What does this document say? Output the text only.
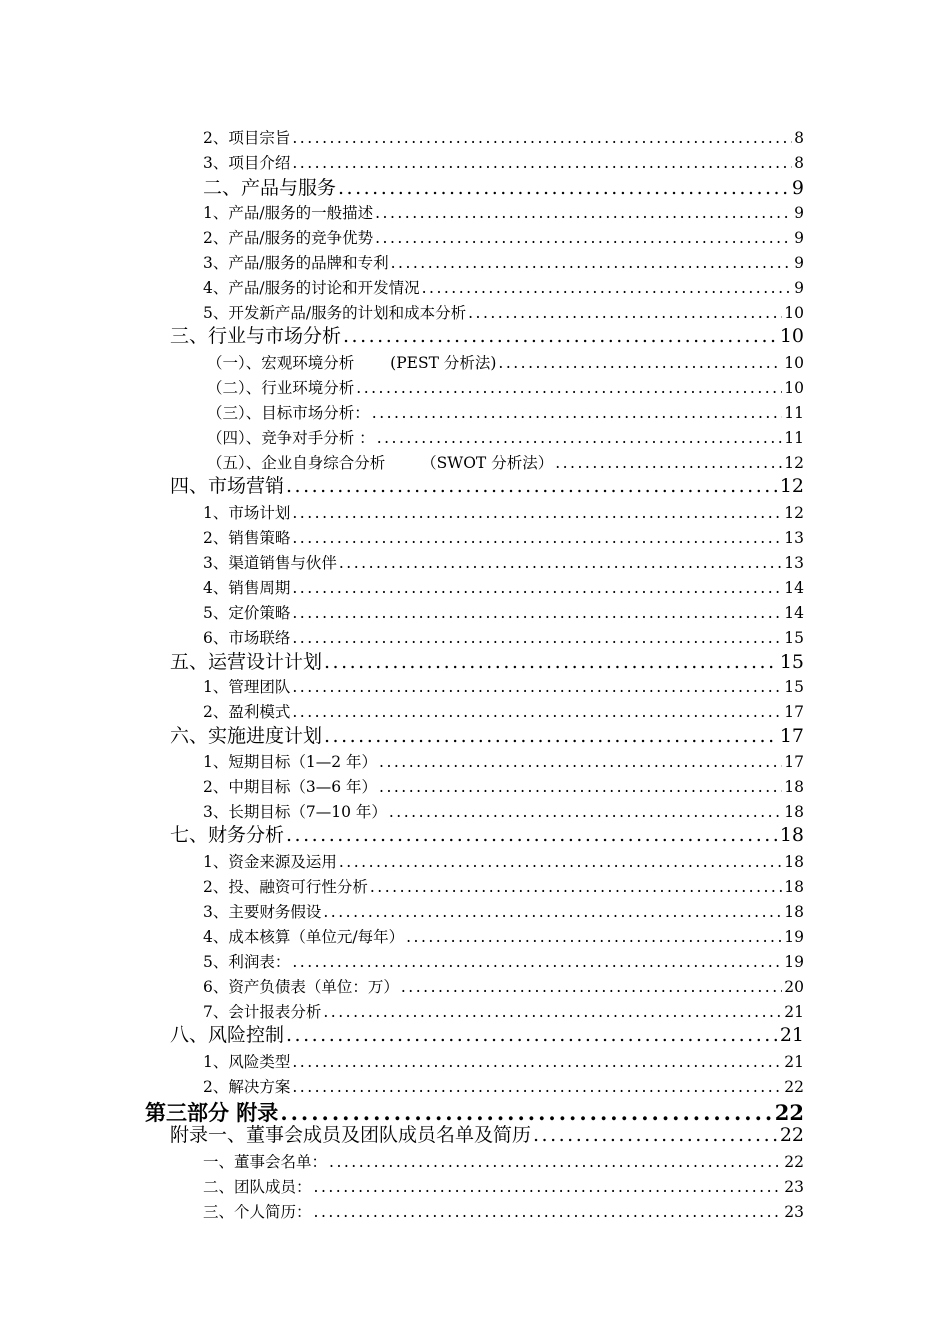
2、项目宗旨 .....	8
3、项目介绍 .....	8
二、产品与服务 .....	9
1、产品/服务的一般描述 .....	9
2、产品/服务的竞争优势 .....	9
3、产品/服务的品牌和专利 .....	9
4、产品/服务的讨论和开发情况 .....	9
5、开发新产品/服务的计划和成本分析 .....	10
三、行业与市场分析 .....	10
（一）、宏观环境分析　　 (PEST 分析法) .....	10
（二）、行业环境分析 .....	10
（三）、目标市场分析： .....	11
（四）、竞争对手分析 ： .....	11
（五）、企业自身综合分析　　 （SWOT 分析法） .....	12
四、市场营销 .....	12
1、市场计划 .....	12
2、销售策略 .....	13
3、渠道销售与伙伴 .....	13
4、销售周期 .....	14
5、定价策略 .....	14
6、市场联络 .....	15
五、运营设计计划 .....	15
1、管理团队 .....	15
2、盈利模式 .....	17
六、实施进度计划 .....	17
1、短期目标（1—2 年） .....	17
2、中期目标（3—6 年） .....	18
3、长期目标（7—10 年） .....	18
七、财务分析 .....	18
1、资金来源及运用 .....	18
2、投、融资可行性分析 .....	18
3、主要财务假设 .....	18
4、成本核算（单位元/每年） .....	19
5、利润表： .....	19
6、资产负债表（单位：万） .....	20
7、会计报表分析 .....	21
八、风险控制 .....	21
1、风险类型 .....	21
2、解决方案 .....	22
第三部分 附录 .....	22
附录一、董事会成员及团队成员名单及简历 .....	22
一、董事会名单： .....	22
二、团队成员： .....	23
三、个人简历： .....	23
